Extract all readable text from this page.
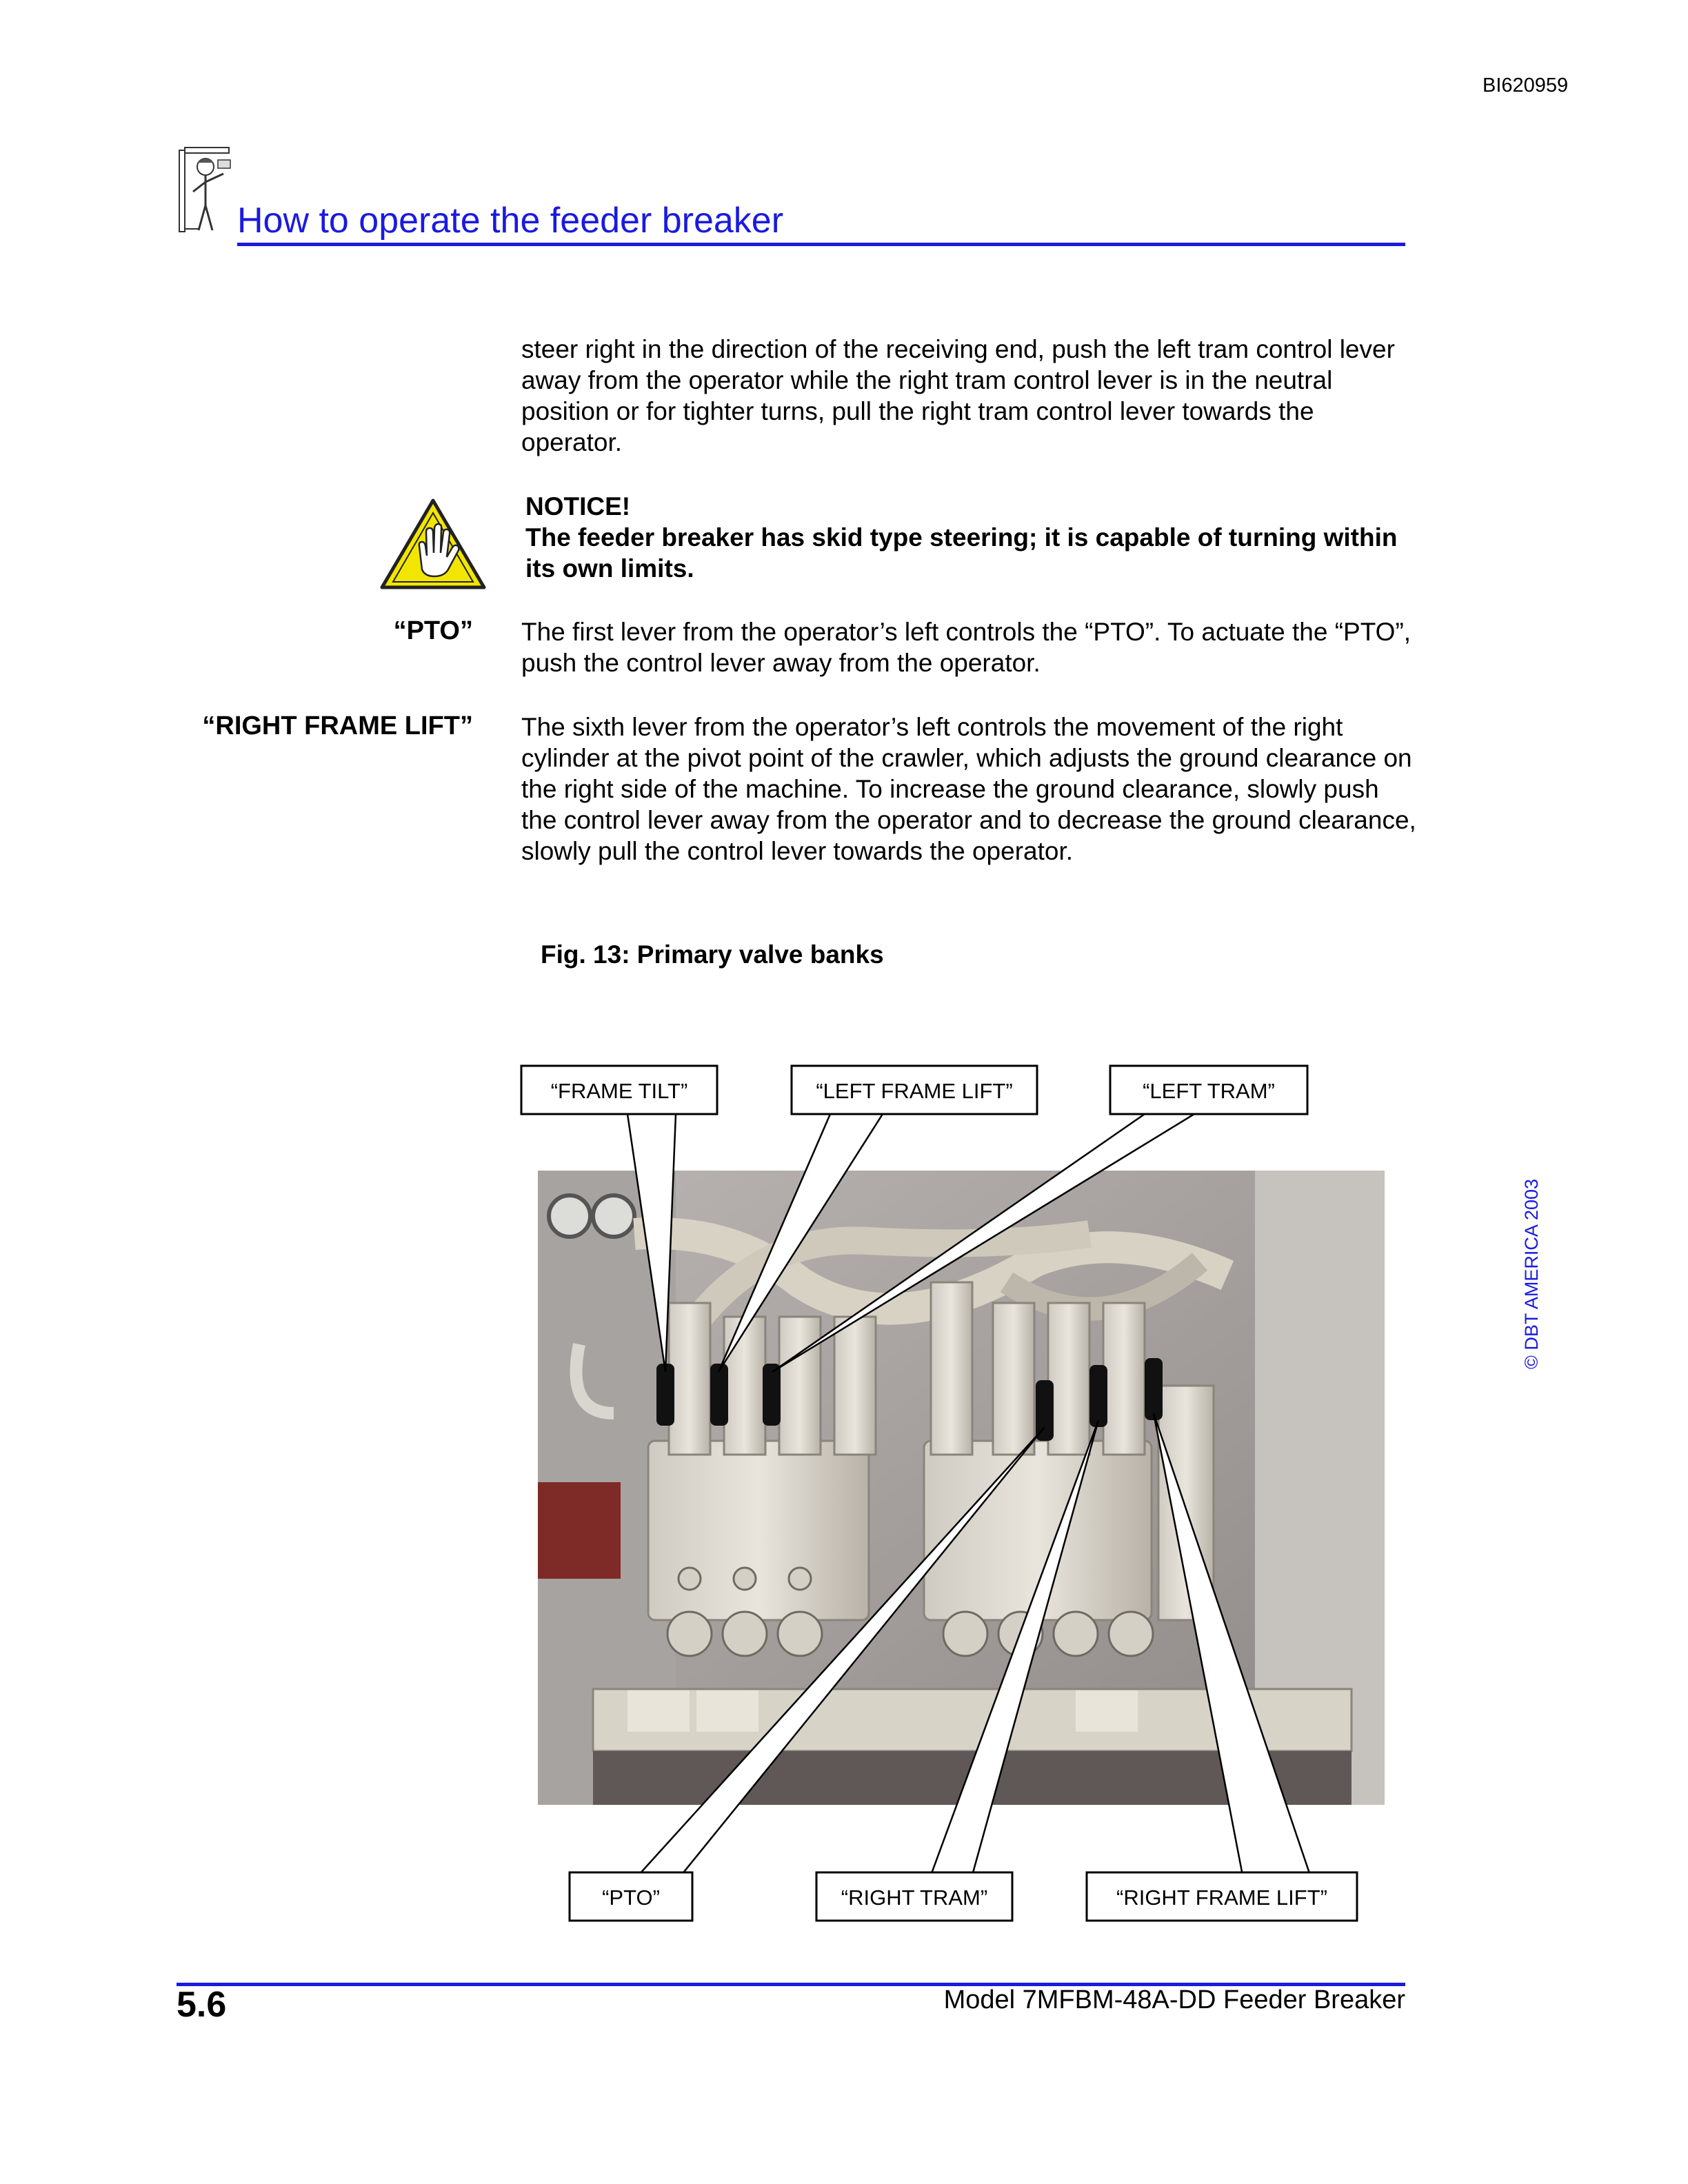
BI620959
How to operate the feeder breaker
steer right in the direction of the receiving end, push the left tram control lever away from the operator while the right tram control lever is in the neutral position or for tighter turns, pull the right tram control lever towards the operator.
NOTICE!
The feeder breaker has skid type steering; it is capable of turning within its own limits.
“PTO” The first lever from the operator’s left controls the “PTO”. To actuate the “PTO”, push the control lever away from the operator.
“RIGHT FRAME LIFT” The sixth lever from the operator’s left controls the movement of the right cylinder at the pivot point of the crawler, which adjusts the ground clearance on the right side of the machine. To increase the ground clearance, slowly push the control lever away from the operator and to decrease the ground clearance, slowly pull the control lever towards the operator.
Fig. 13: Primary valve banks
“FRAME TILT”	“LEFT FRAME LIFT”	“LEFT TRAM”
“PTO”	“RIGHT TRAM”	“RIGHT FRAME LIFT”
© DBT AMERICA 2003
5.6	Model 7MFBM-48A-DD Feeder Breaker
